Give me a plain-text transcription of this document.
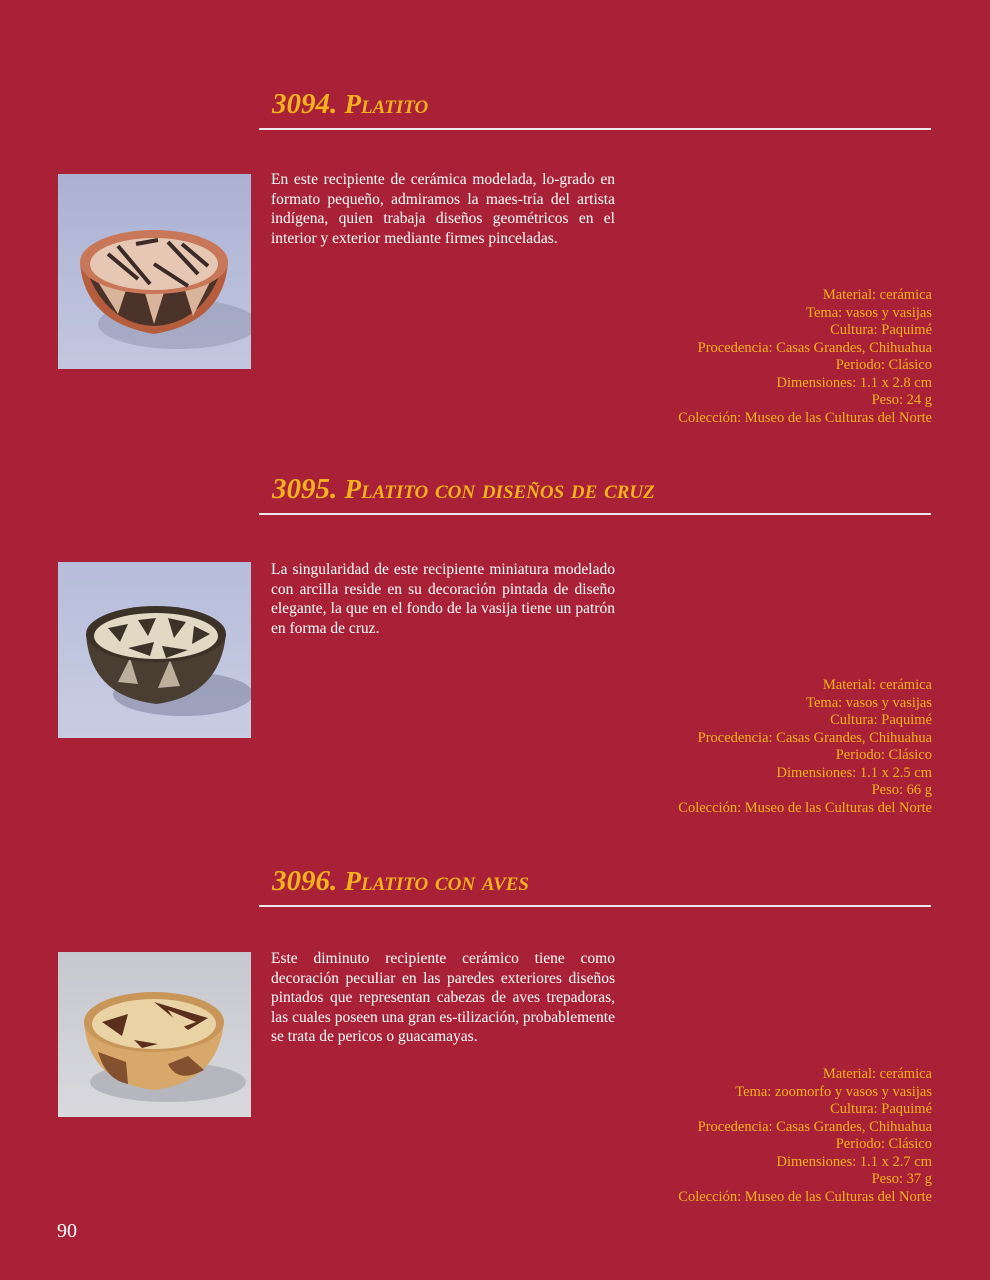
3094. Platito
En este recipiente de cerámica modelada, lo-grado en formato pequeño, admiramos la maes-tría del artista indígena, quien trabaja diseños geométricos en el interior y exterior mediante firmes pinceladas.
Material: cerámica
Tema: vasos y vasijas
Cultura: Paquimé
Procedencia: Casas Grandes, Chihuahua
Periodo: Clásico
Dimensiones: 1.1 x 2.8 cm
Peso: 24 g
Colección: Museo de las Culturas del Norte
3095. Platito con diseños de cruz
La singularidad de este recipiente miniatura modelado con arcilla reside en su decoración pintada de diseño elegante, la que en el fondo de la vasija tiene un patrón en forma de cruz.
Material: cerámica
Tema: vasos y vasijas
Cultura: Paquimé
Procedencia: Casas Grandes, Chihuahua
Periodo: Clásico
Dimensiones: 1.1 x 2.5 cm
Peso: 66 g
Colección: Museo de las Culturas del Norte
3096. Platito con aves
Este diminuto recipiente cerámico tiene como decoración peculiar en las paredes exteriores diseños pintados que representan cabezas de aves trepadoras, las cuales poseen una gran es-tilización, probablemente se trata de pericos o guacamayas.
Material: cerámica
Tema: zoomorfo y vasos y vasijas
Cultura: Paquimé
Procedencia: Casas Grandes, Chihuahua
Periodo: Clásico
Dimensiones: 1.1 x 2.7 cm
Peso: 37 g
Colección: Museo de las Culturas del Norte
90
